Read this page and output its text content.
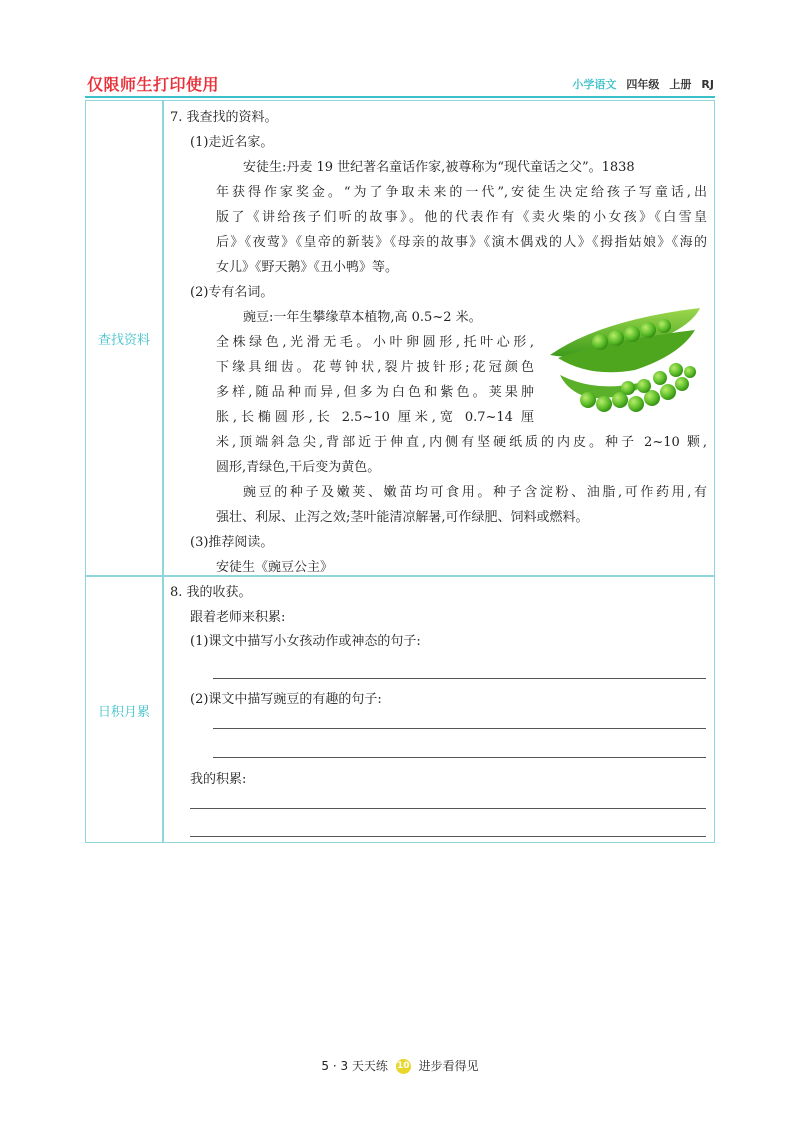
仅限师生打印使用	小学语文 四年级 上册 RJ
查找资料
日积月累
7. 我查找的资料。
(1)走近名家。
安徒生:丹麦 19 世纪著名童话作家,被尊称为“现代童话之父”。1838
年获得作家奖金。“为了争取未来的一代”,安徒生决定给孩子写童话,出
版了《讲给孩子们听的故事》。他的代表作有《卖火柴的小女孩》《白雪皇
后》《夜莺》《皇帝的新装》《母亲的故事》《演木偶戏的人》《拇指姑娘》《海的
女儿》《野天鹅》《丑小鸭》等。
(2)专有名词。
豌豆:一年生攀缘草本植物,高 0.5~2 米。
全株绿色,光滑无毛。小叶卵圆形,托叶心形,
下缘具细齿。花萼钟状,裂片披针形;花冠颜色
多样,随品种而异,但多为白色和紫色。荚果肿
胀,长椭圆形,长 2.5~10 厘米,宽 0.7~14 厘
米,顶端斜急尖,背部近于伸直,内侧有坚硬纸质的内皮。种子 2~10 颗,
圆形,青绿色,干后变为黄色。
豌豆的种子及嫩荚、嫩苗均可食用。种子含淀粉、油脂,可作药用,有
强壮、利尿、止泻之效;茎叶能清凉解暑,可作绿肥、饲料或燃料。
(3)推荐阅读。
安徒生《豌豆公主》
8. 我的收获。
跟着老师来积累:
(1)课文中描写小女孩动作或神态的句子:
(2)课文中描写豌豆的有趣的句子:
我的积累:
5 · 3 天天练 10 进步看得见
